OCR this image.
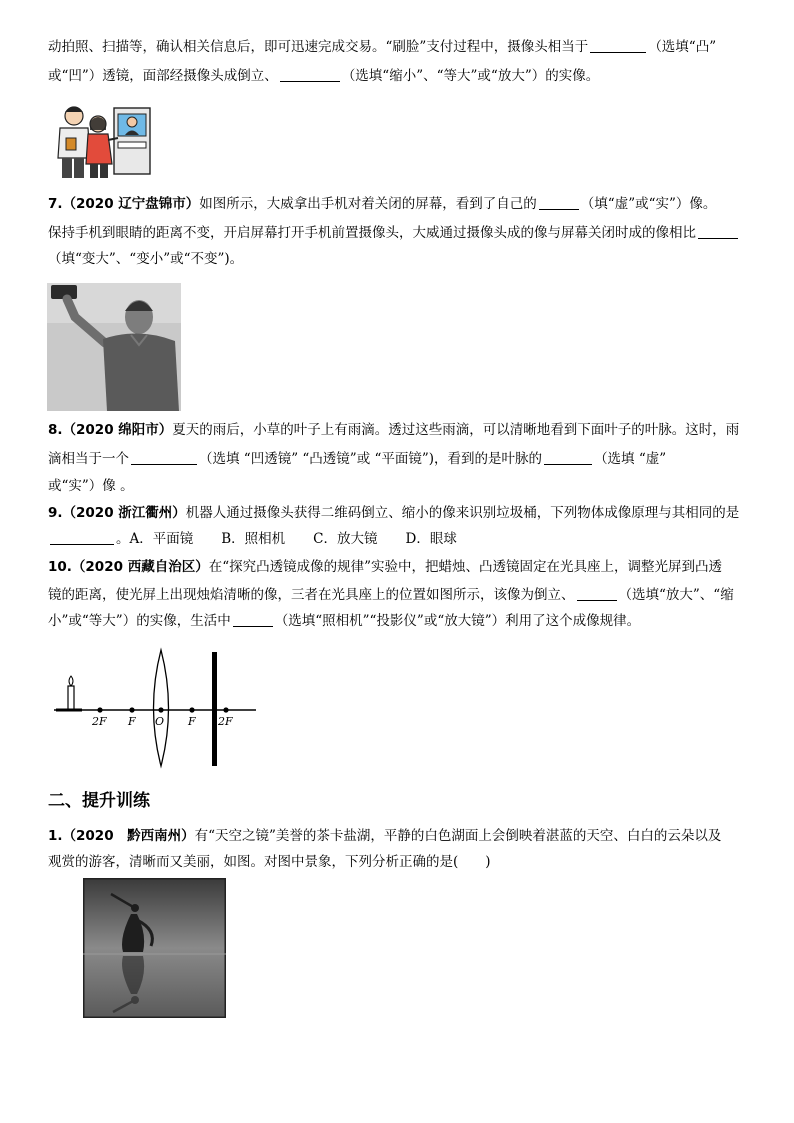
动拍照、扫描等，确认相关信息后，即可迅速完成交易。“刷脸”支付过程中，摄像头相当于	（选填“凸”

或“凹”）透镜，面部经摄像头成倒立、	（选填“缩小”、“等大”或“放大”）的实像。

7.（2020 辽宁盘锦市）如图所示，大威拿出手机对着关闭的屏幕，看到了自己的	（填“虚”或“实”）像。

保持手机到眼睛的距离不变，开启屏幕打开手机前置摄像头，大威通过摄像头成的像与屏幕关闭时成的像相比

（填“变大”、“变小”或“不变”)。

8.（2020 绵阳市）夏天的雨后，小草的叶子上有雨滴。透过这些雨滴，可以清晰地看到下面叶子的叶脉。这时，雨

滴相当于一个	（选填 “凹透镜” “凸透镜”或 “平面镜”)，看到的是叶脉的	（选填 “虚”

或“实”）像 。

9.（2020 浙江衢州）机器人通过摄像头获得二维码倒立、缩小的像来识别垃圾桶，下列物体成像原理与其相同的是

。A．平面镜 B．照相机 C．放大镜 D．眼球

10.（2020 西藏自治区）在“探究凸透镜成像的规律”实验中，把蜡烛、凸透镜固定在光具座上，调整光屏到凸透

镜的距离，使光屏上出现烛焰清晰的像，三者在光具座上的位置如图所示，该像为倒立、	（选填“放大”、“缩

小”或“等大”）的实像，生活中	（选填“照相机”“投影仪”或“放大镜”）利用了这个成像规律。

2F F O F 2F
二、提升训练

1.（2020　黔西南州）有“天空之镜”美誉的茶卡盐湖，平静的白色湖面上会倒映着湛蓝的天空、白白的云朵以及

观赏的游客，清晰而又美丽，如图。对图中景象，下列分析正确的是(　　)
